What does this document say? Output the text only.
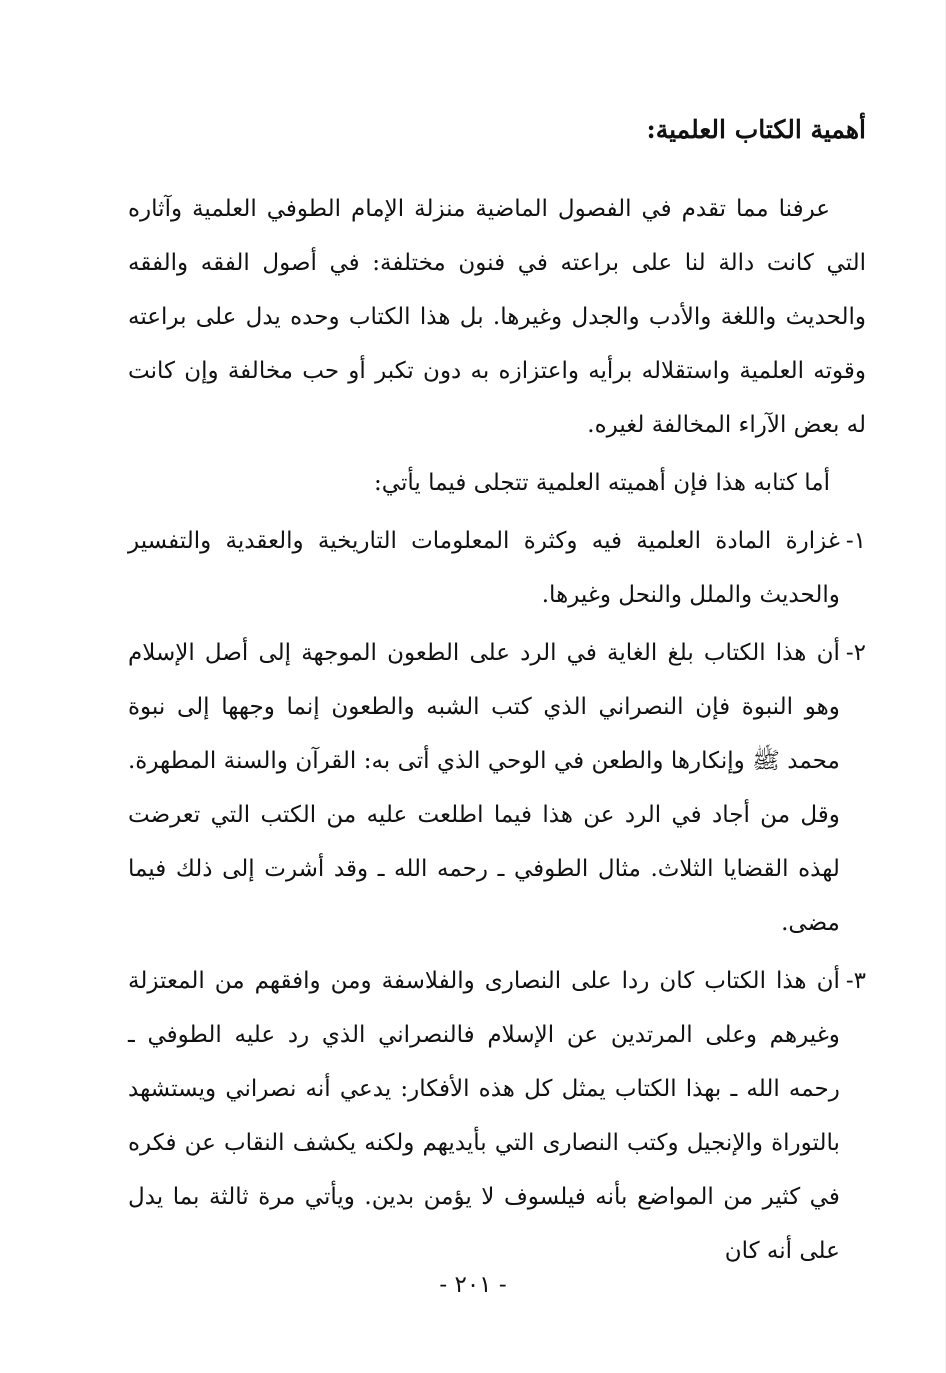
أهمية الكتاب العلمية:

عرفنا مما تقدم في الفصول الماضية منزلة الإمام الطوفي العلمية وآثاره التي كانت دالة لنا على براعته في فنون مختلفة: في أصول الفقه والفقه والحديث واللغة والأدب والجدل وغيرها. بل هذا الكتاب وحده يدل على براعته وقوته العلمية واستقلاله برأيه واعتزازه به دون تكبر أو حب مخالفة وإن كانت له بعض الآراء المخالفة لغيره.

أما كتابه هذا فإن أهميته العلمية تتجلى فيما يأتي:

١-
غزارة المادة العلمية فيه وكثرة المعلومات التاريخية والعقدية والتفسير والحديث والملل والنحل وغيرها.
٢-
أن هذا الكتاب بلغ الغاية في الرد على الطعون الموجهة إلى أصل الإسلام وهو النبوة فإن النصراني الذي كتب الشبه والطعون إنما وجهها إلى نبوة محمد ﷺ وإنكارها والطعن في الوحي الذي أتى به: القرآن والسنة المطهرة. وقل من أجاد في الرد عن هذا فيما اطلعت عليه من الكتب التي تعرضت لهذه القضايا الثلاث. مثال الطوفي ـ رحمه الله ـ وقد أشرت إلى ذلك فيما مضى.
٣-
أن هذا الكتاب كان ردا على النصارى والفلاسفة ومن وافقهم من المعتزلة وغيرهم وعلى المرتدين عن الإسلام فالنصراني الذي رد عليه الطوفي ـ رحمه الله ـ بهذا الكتاب يمثل كل هذه الأفكار: يدعي أنه نصراني ويستشهد بالتوراة والإنجيل وكتب النصارى التي بأيديهم ولكنه يكشف النقاب عن فكره في كثير من المواضع بأنه فيلسوف لا يؤمن بدين. ويأتي مرة ثالثة بما يدل على أنه كان
- ٢٠١ -
